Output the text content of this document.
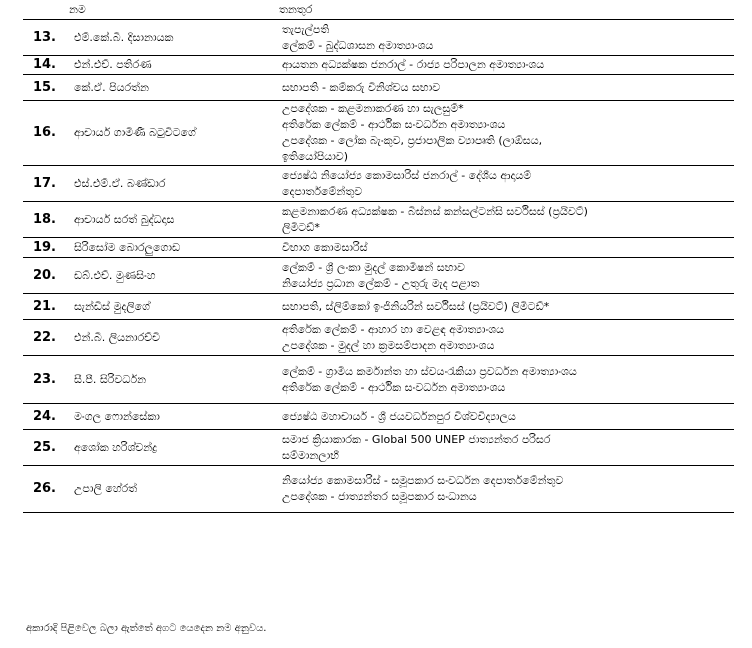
	නම	තනතුර
13.	එම්.කේ.බී. දිසානායක	තැපැල්පති
ලේකම් - බුද්ධශාසන අමාත්‍යාංශය

14.	එන්.එච්. පතිරණ	ආයතන අධ්‍යක්ෂක ජනරාල් - රාජ්‍ය පරිපාලන අමාත්‍යාංශය

15.	කේ.ඒ. පියරත්න	සභාපති - කම්කරු විනිශ්චය සභාව

16.	ආචාර්ය ගාමිණී බටුවිටගේ	උපදේශක - කළමනාකරණ හා සැලසුම්*
අතිරේක ලේකම් - ආර්ථික සංවර්ධන අමාත්‍යාංශය
උපදේශක - ලෝක බැංකුව, ප්‍රජාපාලික ව්‍යාපෘති (ලාඕසය,
ඉතියෝපියාව)

17.	එස්.එම්.ඒ. බණ්ඩාර	ජ්‍යෙෂ්ඨ නියෝජ්‍ය කොමසාරිස් ජනරාල් - දේශීය ආදායම්
දෙපාර්තමේන්තුව

18.	ආචාර්ය සරත් බුද්ධදාස	කළමනාකරණ අධ්‍යක්ෂක - බිස්නස් කන්සල්ටන්සි සර්විසස් (ප්‍රයිවට්)
ලිමිටඩ්*

19.	සිරිසෝම බොරලුගොඩ	විභාග කොමසාරිස්

20.	ඩබ්.එච්. මුණසිංහ	ලේකම් - ශ්‍රී ලංකා මුදල් කොමිෂන් සභාව
නියෝජ්‍ය ප්‍රධාන ලේකම් - උතුරු මැද පළාත

21.	සැන්ඩිස් මුදලිගේ	සභාපති, ස්ලිම්කෝ ඉංජිනියරින් සර්විසස් (ප්‍රයිවට්) ලිමිටඩ්*

22.	එන්.බී. ලියනාරච්චි	අතිරේක ලේකම් - ආහාර හා වෙළඳ අමාත්‍යාංශය
උපදේශක - මුදල් හා ක්‍රමසම්පාදන අමාත්‍යාංශය

23.	සී.පී. සිරිවර්ධන	ලේකම් - ග්‍රාමීය කර්මාන්ත හා ස්වයංරැකියා ප්‍රවර්ධන අමාත්‍යාංශය
අතිරේක ලේකම් - ආර්ථික සංවර්ධන අමාත්‍යාංශය

24.	මංගල ෆොන්සේකා	ජ්‍යෙෂ්ඨ මහාචාර්ය - ශ්‍රී ජයවර්ධනපුර විශ්වවිද්‍යාලය

25.	අශෝක හරිශ්චන්ද්‍ර	සමාජ ක්‍රියාකාරක - Global 500 UNEP ජාත්‍යන්තර පරිසර
සම්මානලාභී

26.	උපාලි හේරත්	නියෝජ්‍ය කොමසාරිස් - සමූපකාර සංවර්ධන දෙපාර්තමේන්තුව
උපදේශක - ජාත්‍යන්තර සමූපකාර සංධානය
අකාරාදි පිළිවෙල බලා ඇත්තේ අගට යෙදෙන නම අනුවය.
